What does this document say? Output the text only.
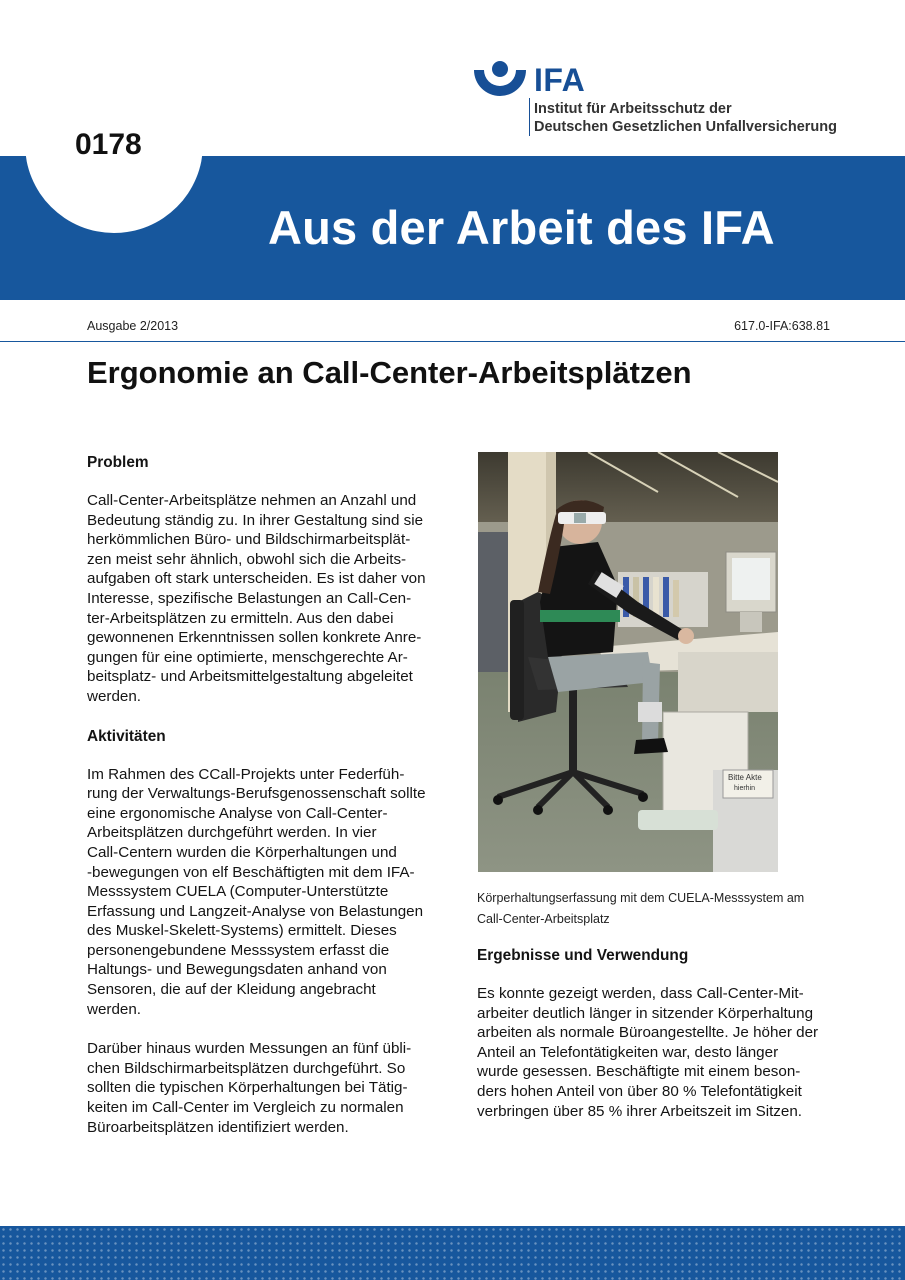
IFA
Institut für Arbeitsschutz der
Deutschen Gesetzlichen Unfallversicherung
Aus der Arbeit des IFA
0178
Ausgabe 2/2013	617.0-IFA:638.81
Ergonomie an Call-Center-Arbeitsplätzen
Problem
Call-Center-Arbeitsplätze nehmen an Anzahl und
Bedeutung ständig zu. In ihrer Gestaltung sind sie
herkömmlichen Büro- und Bildschirmarbeitsplät-
zen meist sehr ähnlich, obwohl sich die Arbeits-
aufgaben oft stark unterscheiden. Es ist daher von
Interesse, spezifische Belastungen an Call-Cen-
ter-Arbeitsplätzen zu ermitteln. Aus den dabei
gewonnenen Erkenntnissen sollen konkrete Anre-
gungen für eine optimierte, menschgerechte Ar-
beitsplatz- und Arbeitsmittelgestaltung abgeleitet
werden.
Aktivitäten
Im Rahmen des CCall-Projekts unter Federfüh-
rung der Verwaltungs-Berufsgenossenschaft sollte
eine ergonomische Analyse von Call-Center-
Arbeitsplätzen durchgeführt werden. In vier
Call-Centern wurden die Körperhaltungen und
-bewegungen von elf Beschäftigten mit dem IFA-
Messsystem CUELA (Computer-Unterstützte
Erfassung und Langzeit-Analyse von Belastungen
des Muskel-Skelett-Systems) ermittelt. Dieses
personengebundene Messsystem erfasst die
Haltungs- und Bewegungsdaten anhand von
Sensoren, die auf der Kleidung angebracht
werden.
Darüber hinaus wurden Messungen an fünf übli-
chen Bildschirmarbeitsplätzen durchgeführt. So
sollten die typischen Körperhaltungen bei Tätig-
keiten im Call-Center im Vergleich zu normalen
Büroarbeitsplätzen identifiziert werden.
Bitte Akte
hierhin
Körperhaltungserfassung mit dem CUELA-Messsystem am
Call-Center-Arbeitsplatz
Ergebnisse und Verwendung
Es konnte gezeigt werden, dass Call-Center-Mit-
arbeiter deutlich länger in sitzender Körperhaltung
arbeiten als normale Büroangestellte. Je höher der
Anteil an Telefontätigkeiten war, desto länger
wurde gesessen. Beschäftigte mit einem beson-
ders hohen Anteil von über 80 % Telefontätigkeit
verbringen über 85 % ihrer Arbeitszeit im Sitzen.
